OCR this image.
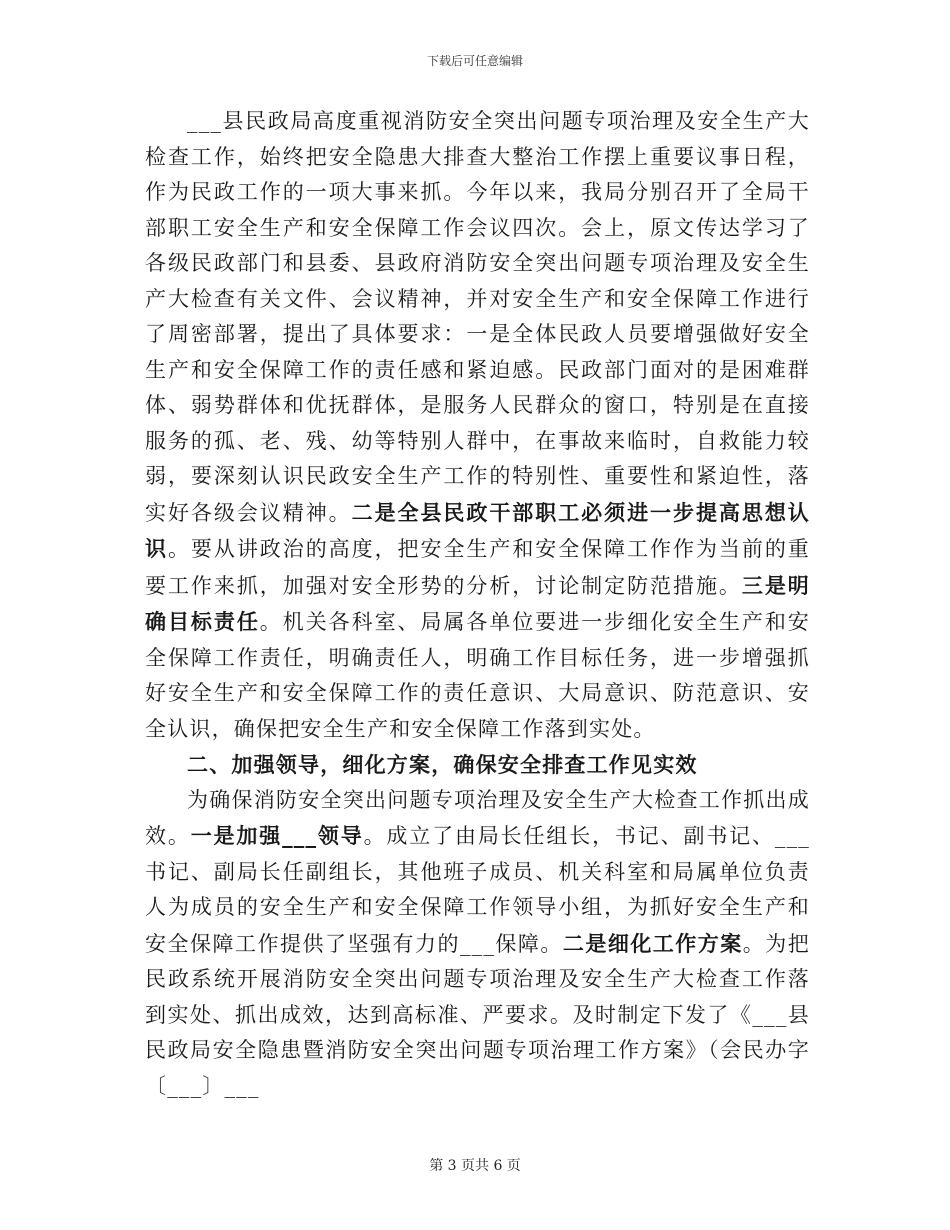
下载后可任意编辑

___县民政局高度重视消防安全突出问题专项治理及安全生产大检查工作，始终把安全隐患大排查大整治工作摆上重要议事日程，作为民政工作的一项大事来抓。今年以来，我局分别召开了全局干部职工安全生产和安全保障工作会议四次。会上，原文传达学习了各级民政部门和县委、县政府消防安全突出问题专项治理及安全生产大检查有关文件、会议精神，并对安全生产和安全保障工作进行了周密部署，提出了具体要求：一是全体民政人员要增强做好安全生产和安全保障工作的责任感和紧迫感。民政部门面对的是困难群体、弱势群体和优抚群体，是服务人民群众的窗口，特别是在直接服务的孤、老、残、幼等特别人群中，在事故来临时，自救能力较弱，要深刻认识民政安全生产工作的特别性、重要性和紧迫性，落实好各级会议精神。二是全县民政干部职工必须进一步提高思想认识。要从讲政治的高度，把安全生产和安全保障工作作为当前的重要工作来抓，加强对安全形势的分析，讨论制定防范措施。三是明确目标责任。机关各科室、局属各单位要进一步细化安全生产和安全保障工作责任，明确责任人，明确工作目标任务，进一步增强抓好安全生产和安全保障工作的责任意识、大局意识、防范意识、安全认识，确保把安全生产和安全保障工作落到实处。

二、加强领导，细化方案，确保安全排查工作见实效

为确保消防安全突出问题专项治理及安全生产大检查工作抓出成效。一是加强___领导。成立了由局长任组长，书记、副书记、___书记、副局长任副组长，其他班子成员、机关科室和局属单位负责人为成员的安全生产和安全保障工作领导小组，为抓好安全生产和安全保障工作提供了坚强有力的___保障。二是细化工作方案。为把民政系统开展消防安全突出问题专项治理及安全生产大检查工作落到实处、抓出成效，达到高标准、严要求。及时制定下发了《___县民政局安全隐患暨消防安全突出问题专项治理工作方案》（会民办字〔___〕___

第 3 页共 6 页
